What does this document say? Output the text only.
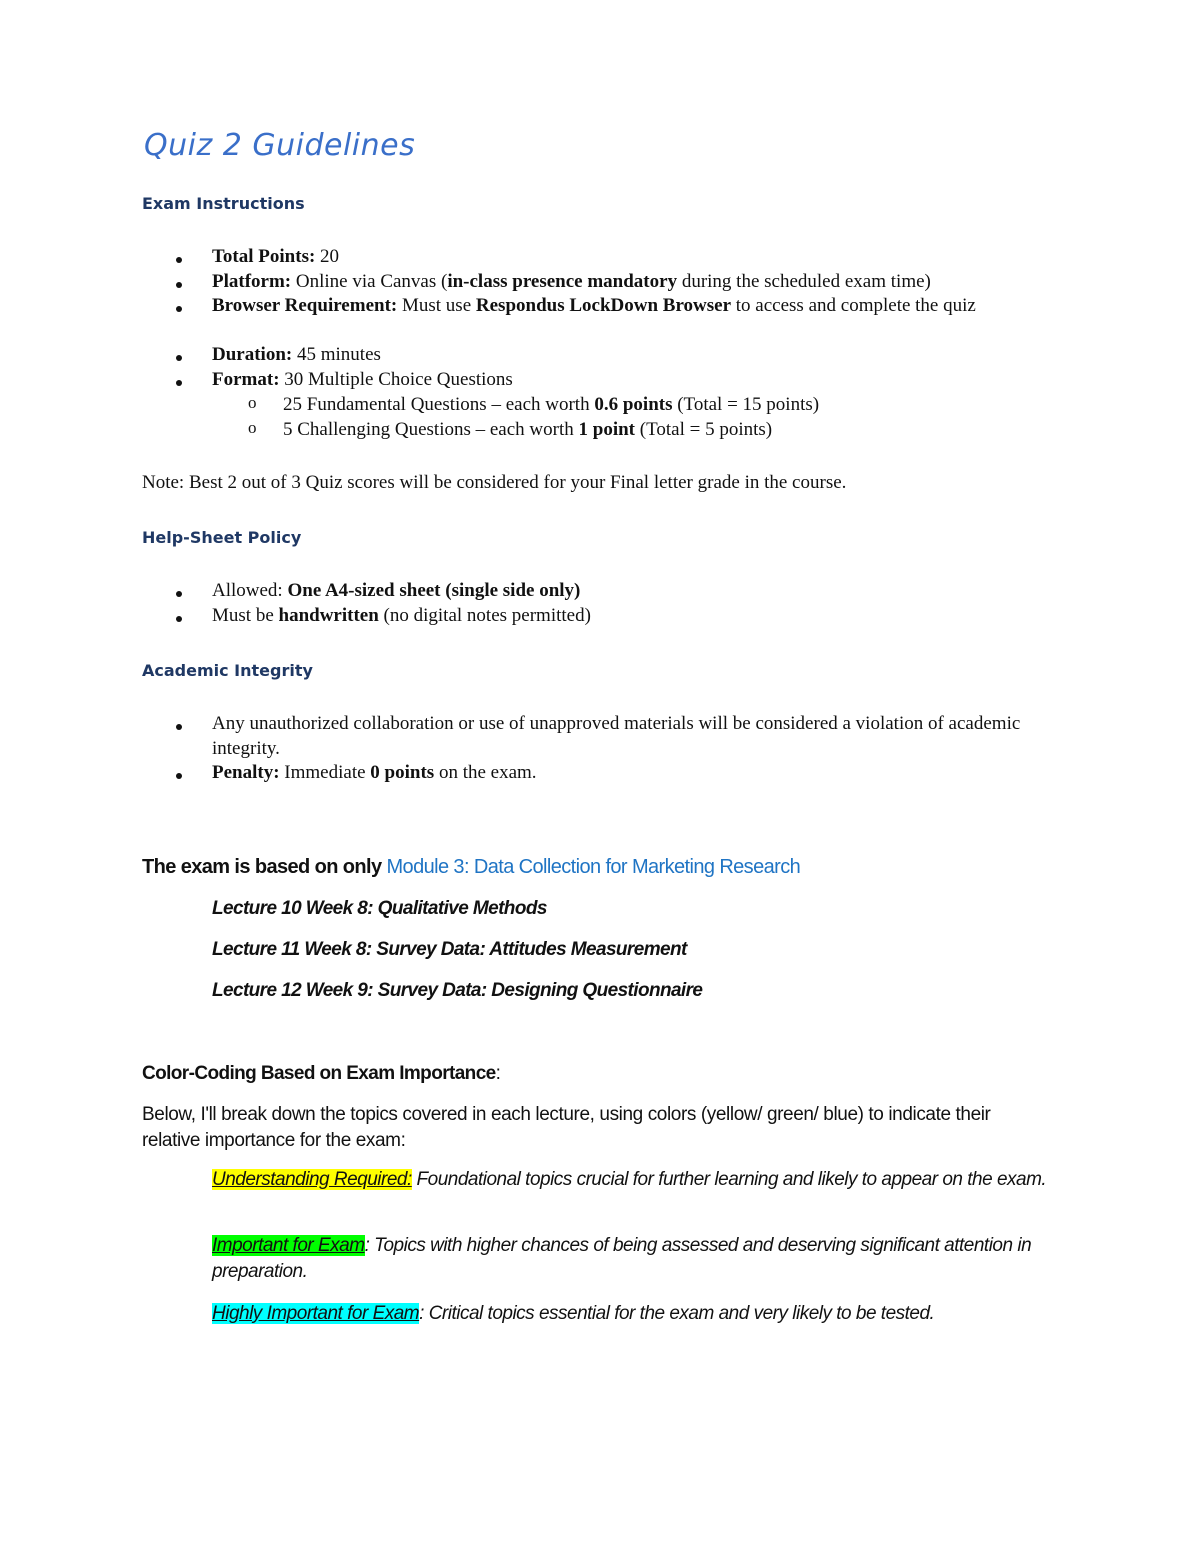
Quiz 2 Guidelines
Exam Instructions
Total Points: 20
Platform: Online via Canvas (in-class presence mandatory during the scheduled exam time)
Browser Requirement: Must use Respondus LockDown Browser to access and complete the quiz
Duration: 45 minutes
Format: 30 Multiple Choice Questions
o 25 Fundamental Questions – each worth 0.6 points (Total = 15 points)
o 5 Challenging Questions – each worth 1 point (Total = 5 points)
Note: Best 2 out of 3 Quiz scores will be considered for your Final letter grade in the course.
Help-Sheet Policy
Allowed: One A4-sized sheet (single side only)
Must be handwritten (no digital notes permitted)
Academic Integrity
Any unauthorized collaboration or use of unapproved materials will be considered a violation of academic integrity.
Penalty: Immediate 0 points on the exam.
The exam is based on only Module 3: Data Collection for Marketing Research
Lecture 10 Week 8: Qualitative Methods
Lecture 11 Week 8: Survey Data: Attitudes Measurement
Lecture 12 Week 9: Survey Data: Designing Questionnaire
Color-Coding Based on Exam Importance:
Below, I'll break down the topics covered in each lecture, using colors (yellow/ green/ blue) to indicate their relative importance for the exam:
Understanding Required: Foundational topics crucial for further learning and likely to appear on the exam.
Important for Exam: Topics with higher chances of being assessed and deserving significant attention in preparation.
Highly Important for Exam: Critical topics essential for the exam and very likely to be tested.
